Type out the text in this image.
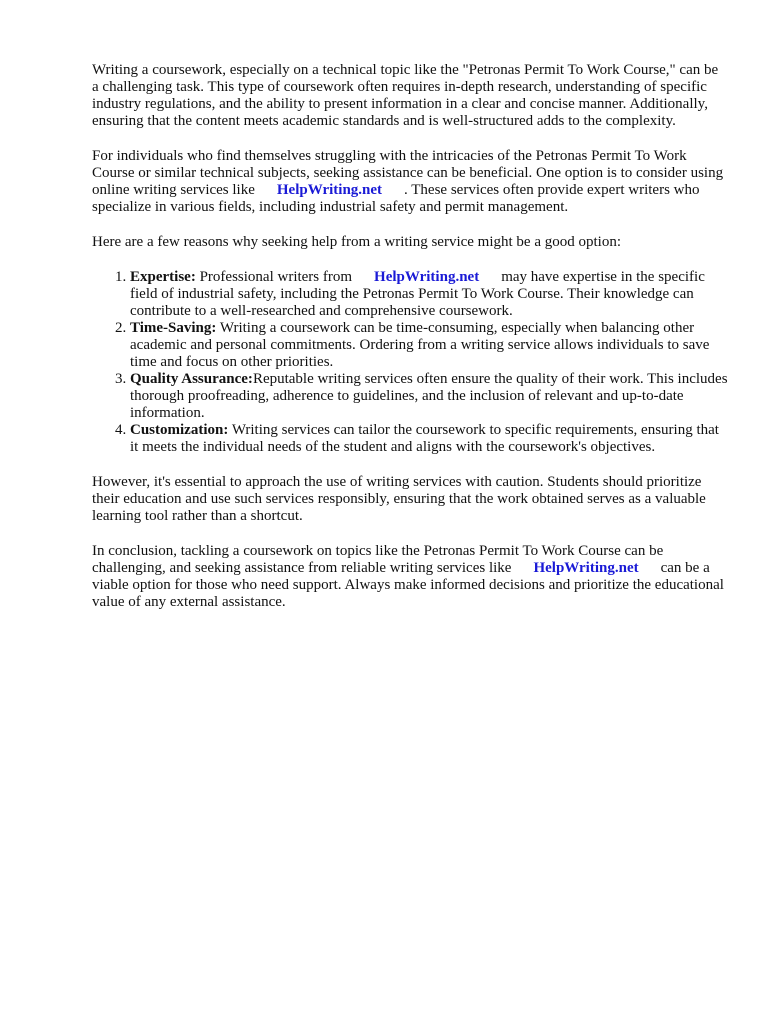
Writing a coursework, especially on a technical topic like the "Petronas Permit To Work Course," can be a challenging task. This type of coursework often requires in-depth research, understanding of specific industry regulations, and the ability to present information in a clear and concise manner. Additionally, ensuring that the content meets academic standards and is well-structured adds to the complexity.

For individuals who find themselves struggling with the intricacies of the Petronas Permit To Work Course or similar technical subjects, seeking assistance can be beneficial. One option is to consider using online writing services like HelpWriting.net . These services often provide expert writers who specialize in various fields, including industrial safety and permit management.

Here are a few reasons why seeking help from a writing service might be a good option:

1. Expertise: Professional writers from HelpWriting.net may have expertise in the specific field of industrial safety, including the Petronas Permit To Work Course. Their knowledge can contribute to a well-researched and comprehensive coursework.
2. Time-Saving: Writing a coursework can be time-consuming, especially when balancing other academic and personal commitments. Ordering from a writing service allows individuals to save time and focus on other priorities.
3. Quality Assurance:Reputable writing services often ensure the quality of their work. This includes thorough proofreading, adherence to guidelines, and the inclusion of relevant and up-to-date information.
4. Customization: Writing services can tailor the coursework to specific requirements, ensuring that it meets the individual needs of the student and aligns with the coursework's objectives.

However, it's essential to approach the use of writing services with caution. Students should prioritize their education and use such services responsibly, ensuring that the work obtained serves as a valuable learning tool rather than a shortcut.

In conclusion, tackling a coursework on topics like the Petronas Permit To Work Course can be challenging, and seeking assistance from reliable writing services like HelpWriting.net can be a viable option for those who need support. Always make informed decisions and prioritize the educational value of any external assistance.
